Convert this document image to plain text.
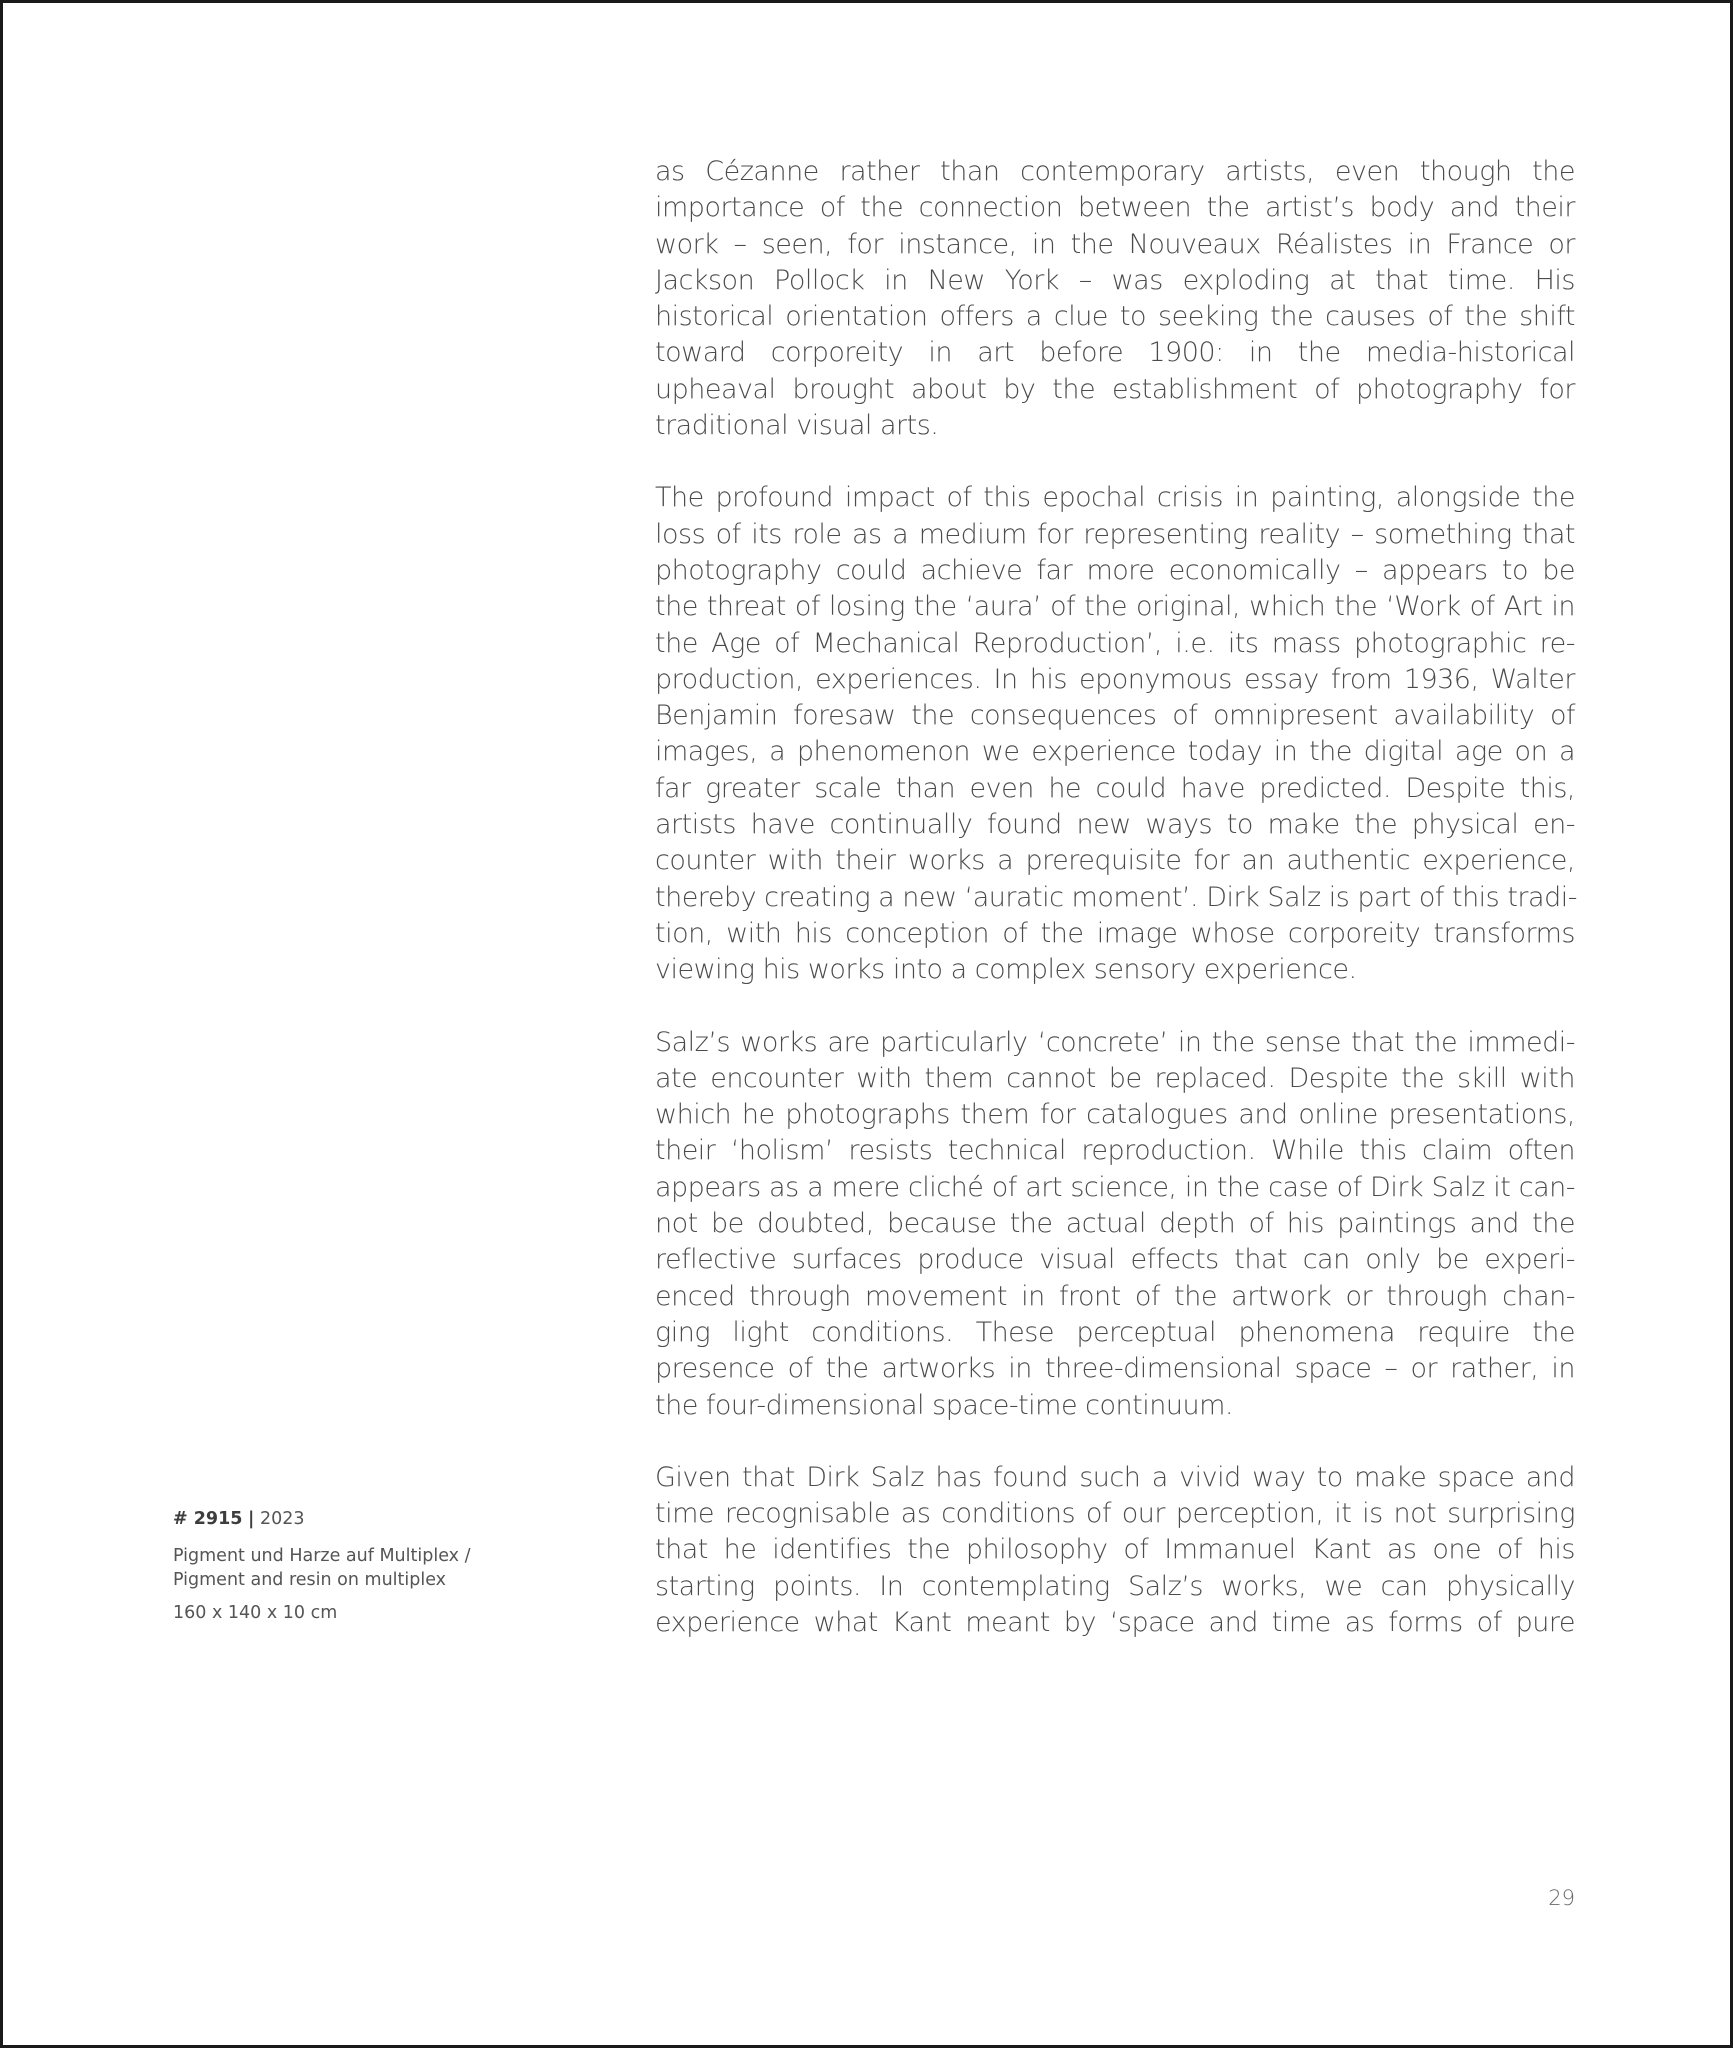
as Cézanne rather than contemporary artists, even though the
importance of the connection between the artist’s body and their
work – seen, for instance, in the Nouveaux Réalistes in France or
Jackson Pollock in New York – was exploding at that time. His
historical orientation offers a clue to seeking the causes of the shift
toward corporeity in art before 1900: in the media-historical
upheaval brought about by the establishment of photography for
traditional visual arts.

The profound impact of this epochal crisis in painting, alongside the
loss of its role as a medium for representing reality – something that
photography could achieve far more economically – appears to be
the threat of losing the ‘aura’ of the original, which the ‘Work of Art in
the Age of Mechanical Reproduction’, i.e. its mass photographic re-
production, experiences. In his eponymous essay from 1936, Walter
Benjamin foresaw the consequences of omnipresent availability of
images, a phenomenon we experience today in the digital age on a
far greater scale than even he could have predicted. Despite this,
artists have continually found new ways to make the physical en-
counter with their works a prerequisite for an authentic experience,
thereby creating a new ‘auratic moment’. Dirk Salz is part of this tradi-
tion, with his conception of the image whose corporeity transforms
viewing his works into a complex sensory experience.

Salz’s works are particularly ‘concrete’ in the sense that the immedi-
ate encounter with them cannot be replaced. Despite the skill with
which he photographs them for catalogues and online presentations,
their ‘holism’ resists technical reproduction. While this claim often
appears as a mere cliché of art science, in the case of Dirk Salz it can-
not be doubted, because the actual depth of his paintings and the
reflective surfaces produce visual effects that can only be experi-
enced through movement in front of the artwork or through chan-
ging light conditions. These perceptual phenomena require the
presence of the artworks in three-dimensional space – or rather, in
the four-dimensional space-time continuum.

Given that Dirk Salz has found such a vivid way to make space and
time recognisable as conditions of our perception, it is not surprising
that he identifies the philosophy of Immanuel Kant as one of his
starting points. In contemplating Salz’s works, we can physically
experience what Kant meant by ‘space and time as forms of pure

# 2915 | 2023

Pigment und Harze auf Multiplex /

Pigment and resin on multiplex

160 x 140 x 10 cm

29
